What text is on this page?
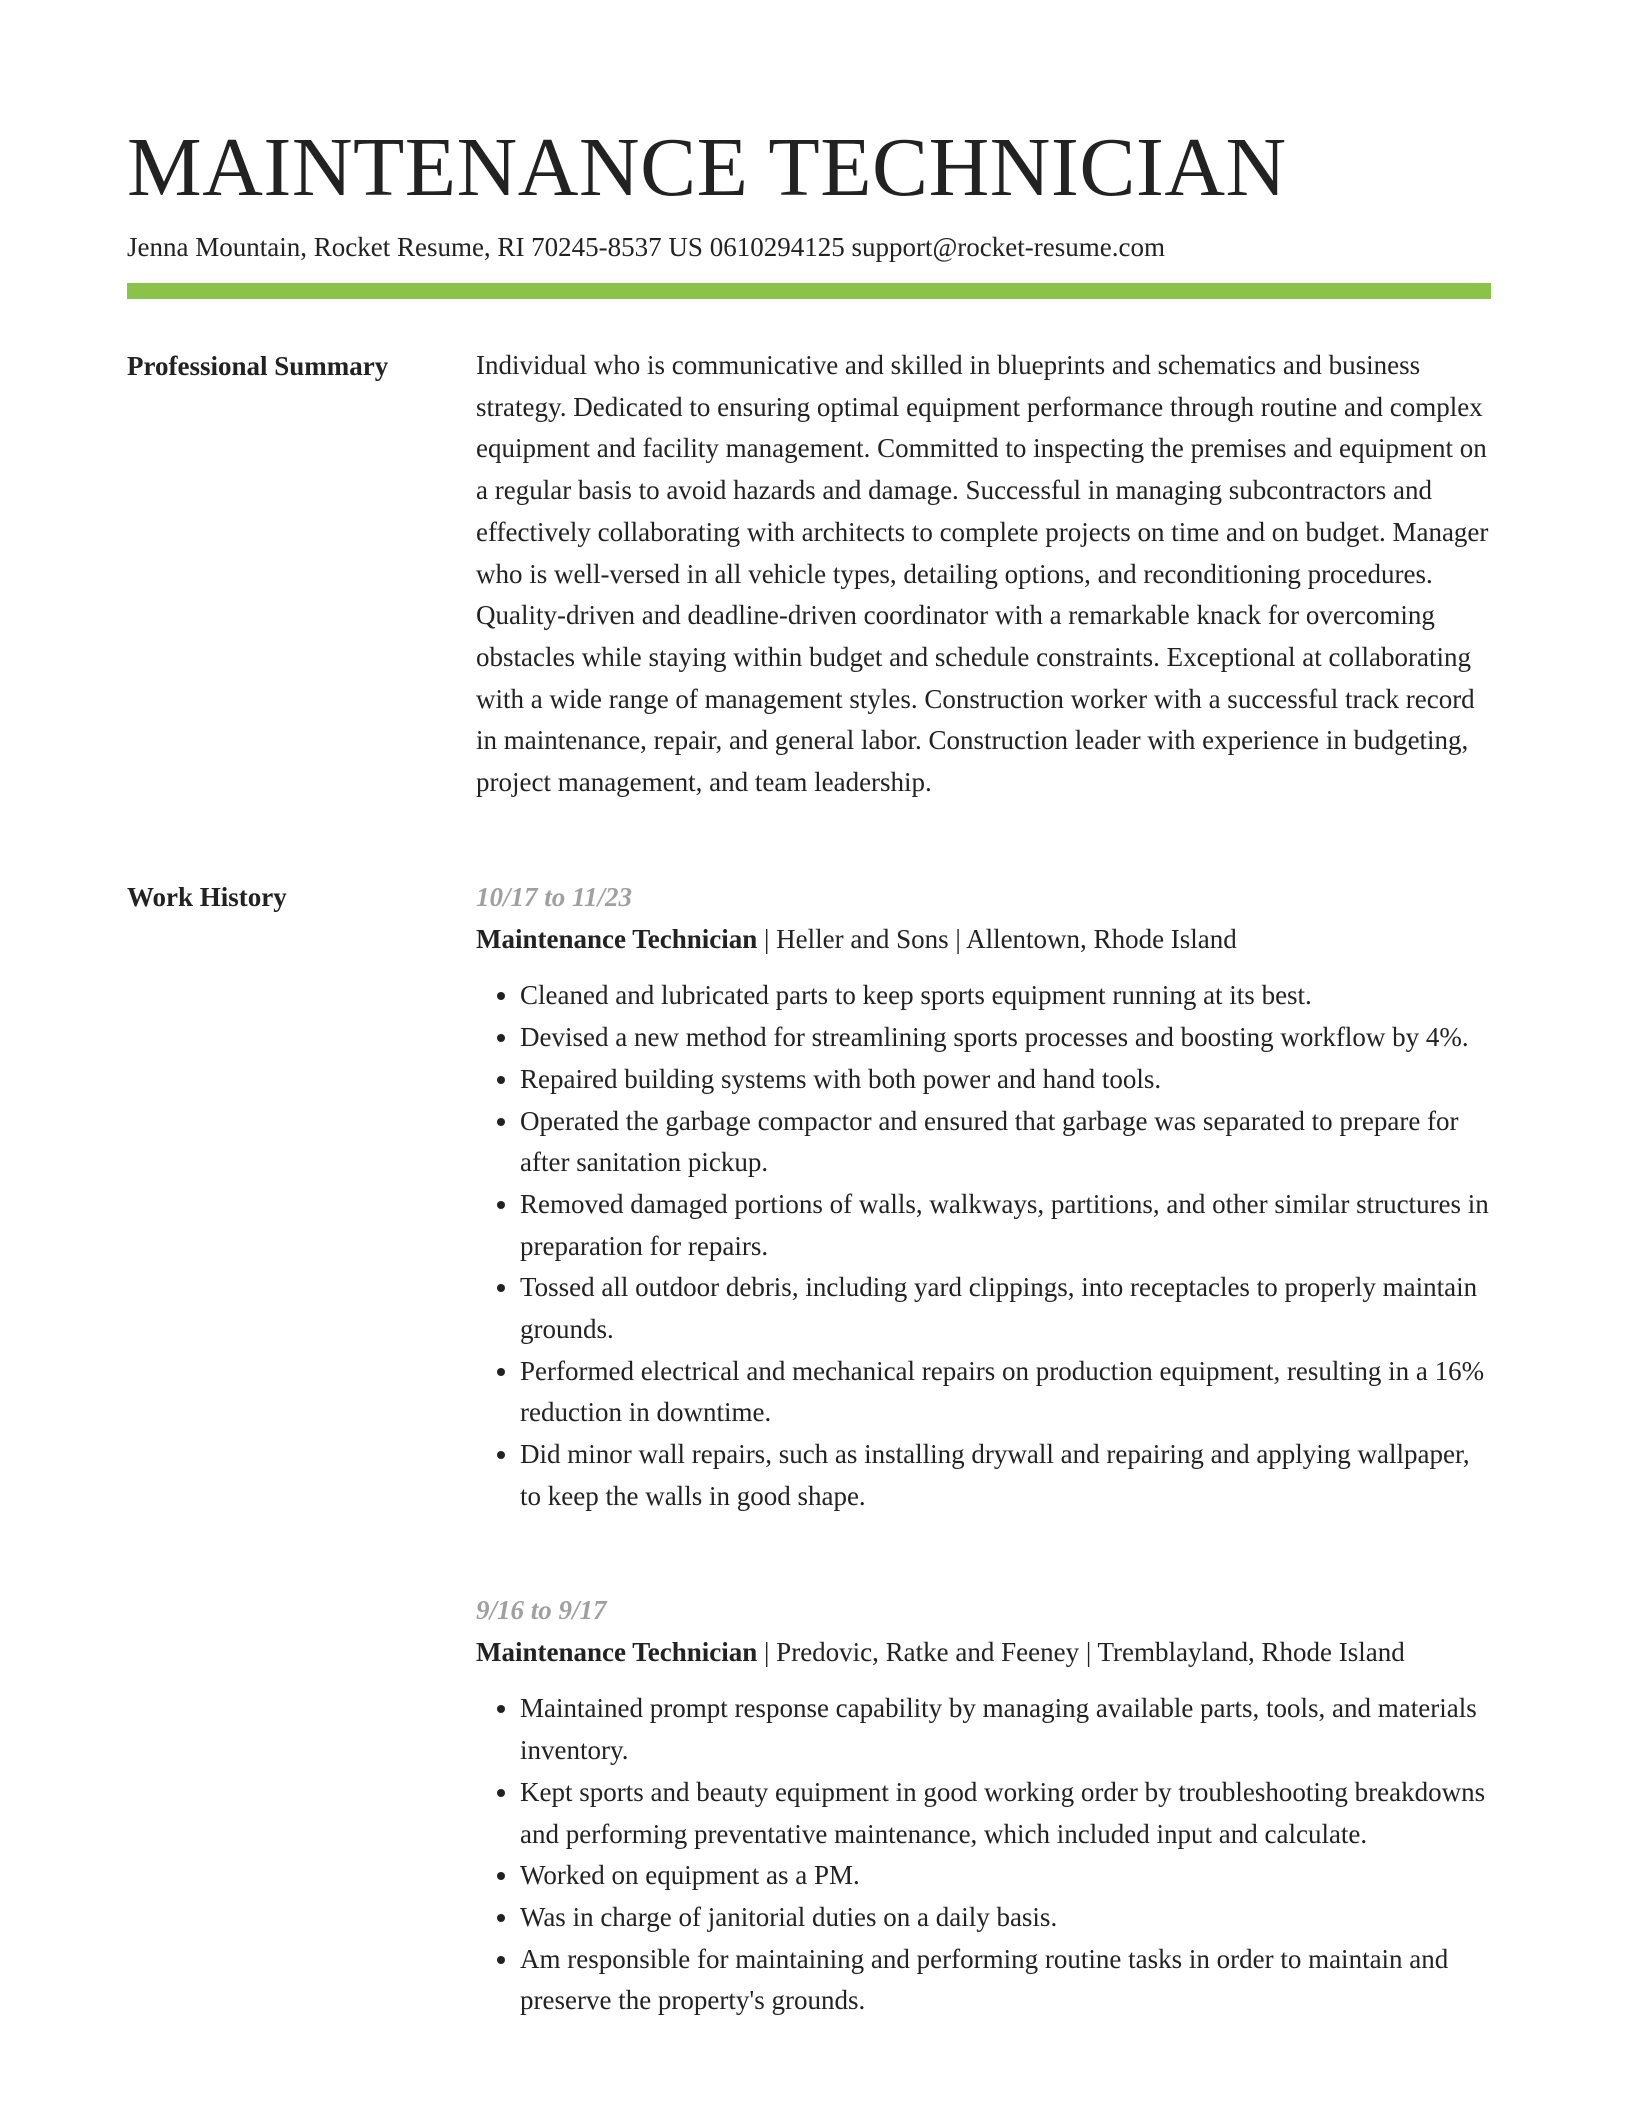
MAINTENANCE TECHNICIAN
Jenna Mountain, Rocket Resume, RI 70245-8537 US 0610294125 support@rocket-resume.com
Professional Summary	Individual who is communicative and skilled in blueprints and schematics and business strategy. Dedicated to ensuring optimal equipment performance through routine and complex equipment and facility management. Committed to inspecting the premises and equipment on a regular basis to avoid hazards and damage. Successful in managing subcontractors and effectively collaborating with architects to complete projects on time and on budget. Manager who is well-versed in all vehicle types, detailing options, and reconditioning procedures. Quality-driven and deadline-driven coordinator with a remarkable knack for overcoming obstacles while staying within budget and schedule constraints. Exceptional at collaborating with a wide range of management styles. Construction worker with a successful track record in maintenance, repair, and general labor. Construction leader with experience in budgeting, project management, and team leadership.

Work History	10/17 to 11/23
Maintenance Technician | Heller and Sons | Allentown, Rhode Island
• Cleaned and lubricated parts to keep sports equipment running at its best.
• Devised a new method for streamlining sports processes and boosting workflow by 4%.
• Repaired building systems with both power and hand tools.
• Operated the garbage compactor and ensured that garbage was separated to prepare for after sanitation pickup.
• Removed damaged portions of walls, walkways, partitions, and other similar structures in preparation for repairs.
• Tossed all outdoor debris, including yard clippings, into receptacles to properly maintain grounds.
• Performed electrical and mechanical repairs on production equipment, resulting in a 16% reduction in downtime.
• Did minor wall repairs, such as installing drywall and repairing and applying wallpaper, to keep the walls in good shape.
9/16 to 9/17
Maintenance Technician | Predovic, Ratke and Feeney | Tremblayland, Rhode Island
• Maintained prompt response capability by managing available parts, tools, and materials inventory.
• Kept sports and beauty equipment in good working order by troubleshooting breakdowns and performing preventative maintenance, which included input and calculate.
• Worked on equipment as a PM.
• Was in charge of janitorial duties on a daily basis.
• Am responsible for maintaining and performing routine tasks in order to maintain and preserve the property's grounds.
